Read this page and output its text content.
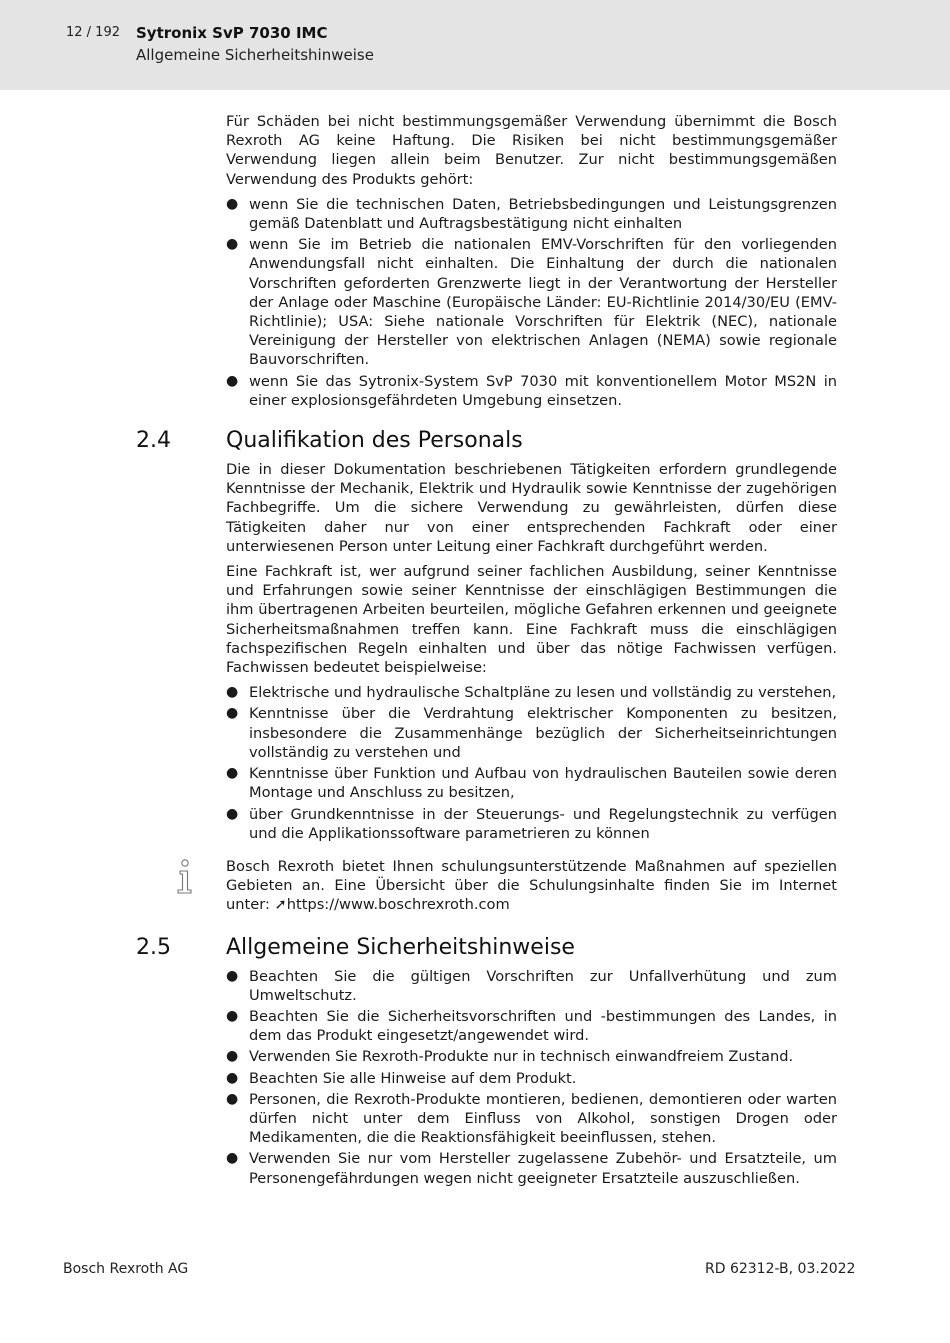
12 / 192 Sytronix SvP 7030 IMC
Allgemeine Sicherheitshinweise

Für Schäden bei nicht bestimmungsgemäßer Verwendung übernimmt die Bosch Rexroth AG keine Haftung. Die Risiken bei nicht bestimmungsgemäßer Verwendung liegen allein beim Benutzer. Zur nicht bestimmungsgemäßen Verwendung des Produkts gehört:

● wenn Sie die technischen Daten, Betriebsbedingungen und Leistungsgrenzen gemäß Datenblatt und Auftragsbestätigung nicht einhalten
● wenn Sie im Betrieb die nationalen EMV-Vorschriften für den vorliegenden Anwendungsfall nicht einhalten. Die Einhaltung der durch die nationalen Vorschriften geforderten Grenzwerte liegt in der Verantwortung der Hersteller der Anlage oder Maschine (Europäische Länder: EU-Richtlinie 2014/30/EU (EMV-Richtlinie); USA: Siehe nationale Vorschriften für Elektrik (NEC), nationale Vereinigung der Hersteller von elektrischen Anlagen (NEMA) sowie regionale Bauvorschriften.
● wenn Sie das Sytronix-System SvP 7030 mit konventionellem Motor MS2N in einer explosionsgefährdeten Umgebung einsetzen.
2.4	Qualifikation des Personals

Die in dieser Dokumentation beschriebenen Tätigkeiten erfordern grundlegende Kenntnisse der Mechanik, Elektrik und Hydraulik sowie Kenntnisse der zugehörigen Fachbegriffe. Um die sichere Verwendung zu gewährleisten, dürfen diese Tätigkeiten daher nur von einer entsprechenden Fachkraft oder einer unterwiesenen Person unter Leitung einer Fachkraft durchgeführt werden.

Eine Fachkraft ist, wer aufgrund seiner fachlichen Ausbildung, seiner Kenntnisse und Erfahrungen sowie seiner Kenntnisse der einschlägigen Bestimmungen die ihm übertragenen Arbeiten beurteilen, mögliche Gefahren erkennen und geeignete Sicherheitsmaßnahmen treffen kann. Eine Fachkraft muss die einschlägigen fachspezifischen Regeln einhalten und über das nötige Fachwissen verfügen. Fachwissen bedeutet beispielweise:

● Elektrische und hydraulische Schaltpläne zu lesen und vollständig zu verstehen,
● Kenntnisse über die Verdrahtung elektrischer Komponenten zu besitzen, insbesondere die Zusammenhänge bezüglich der Sicherheitseinrichtungen vollständig zu verstehen und
● Kenntnisse über Funktion und Aufbau von hydraulischen Bauteilen sowie deren Montage und Anschluss zu besitzen,
● über Grundkenntnisse in der Steuerungs- und Regelungstechnik zu verfügen und die Applikationssoftware parametrieren zu können

Bosch Rexroth bietet Ihnen schulungsunterstützende Maßnahmen auf speziellen Gebieten an. Eine Übersicht über die Schulungsinhalte finden Sie im Internet unter: ➚https://www.boschrexroth.com

2.5	Allgemeine Sicherheitshinweise
● Beachten Sie die gültigen Vorschriften zur Unfallverhütung und zum Umweltschutz.
● Beachten Sie die Sicherheitsvorschriften und -bestimmungen des Landes, in dem das Produkt eingesetzt/angewendet wird.
● Verwenden Sie Rexroth-Produkte nur in technisch einwandfreiem Zustand.
● Beachten Sie alle Hinweise auf dem Produkt.
● Personen, die Rexroth-Produkte montieren, bedienen, demontieren oder warten dürfen nicht unter dem Einfluss von Alkohol, sonstigen Drogen oder Medikamenten, die die Reaktionsfähigkeit beeinflussen, stehen.
● Verwenden Sie nur vom Hersteller zugelassene Zubehör- und Ersatzteile, um Personengefährdungen wegen nicht geeigneter Ersatzteile auszuschließen.
Bosch Rexroth AG	RD 62312-B, 03.2022
